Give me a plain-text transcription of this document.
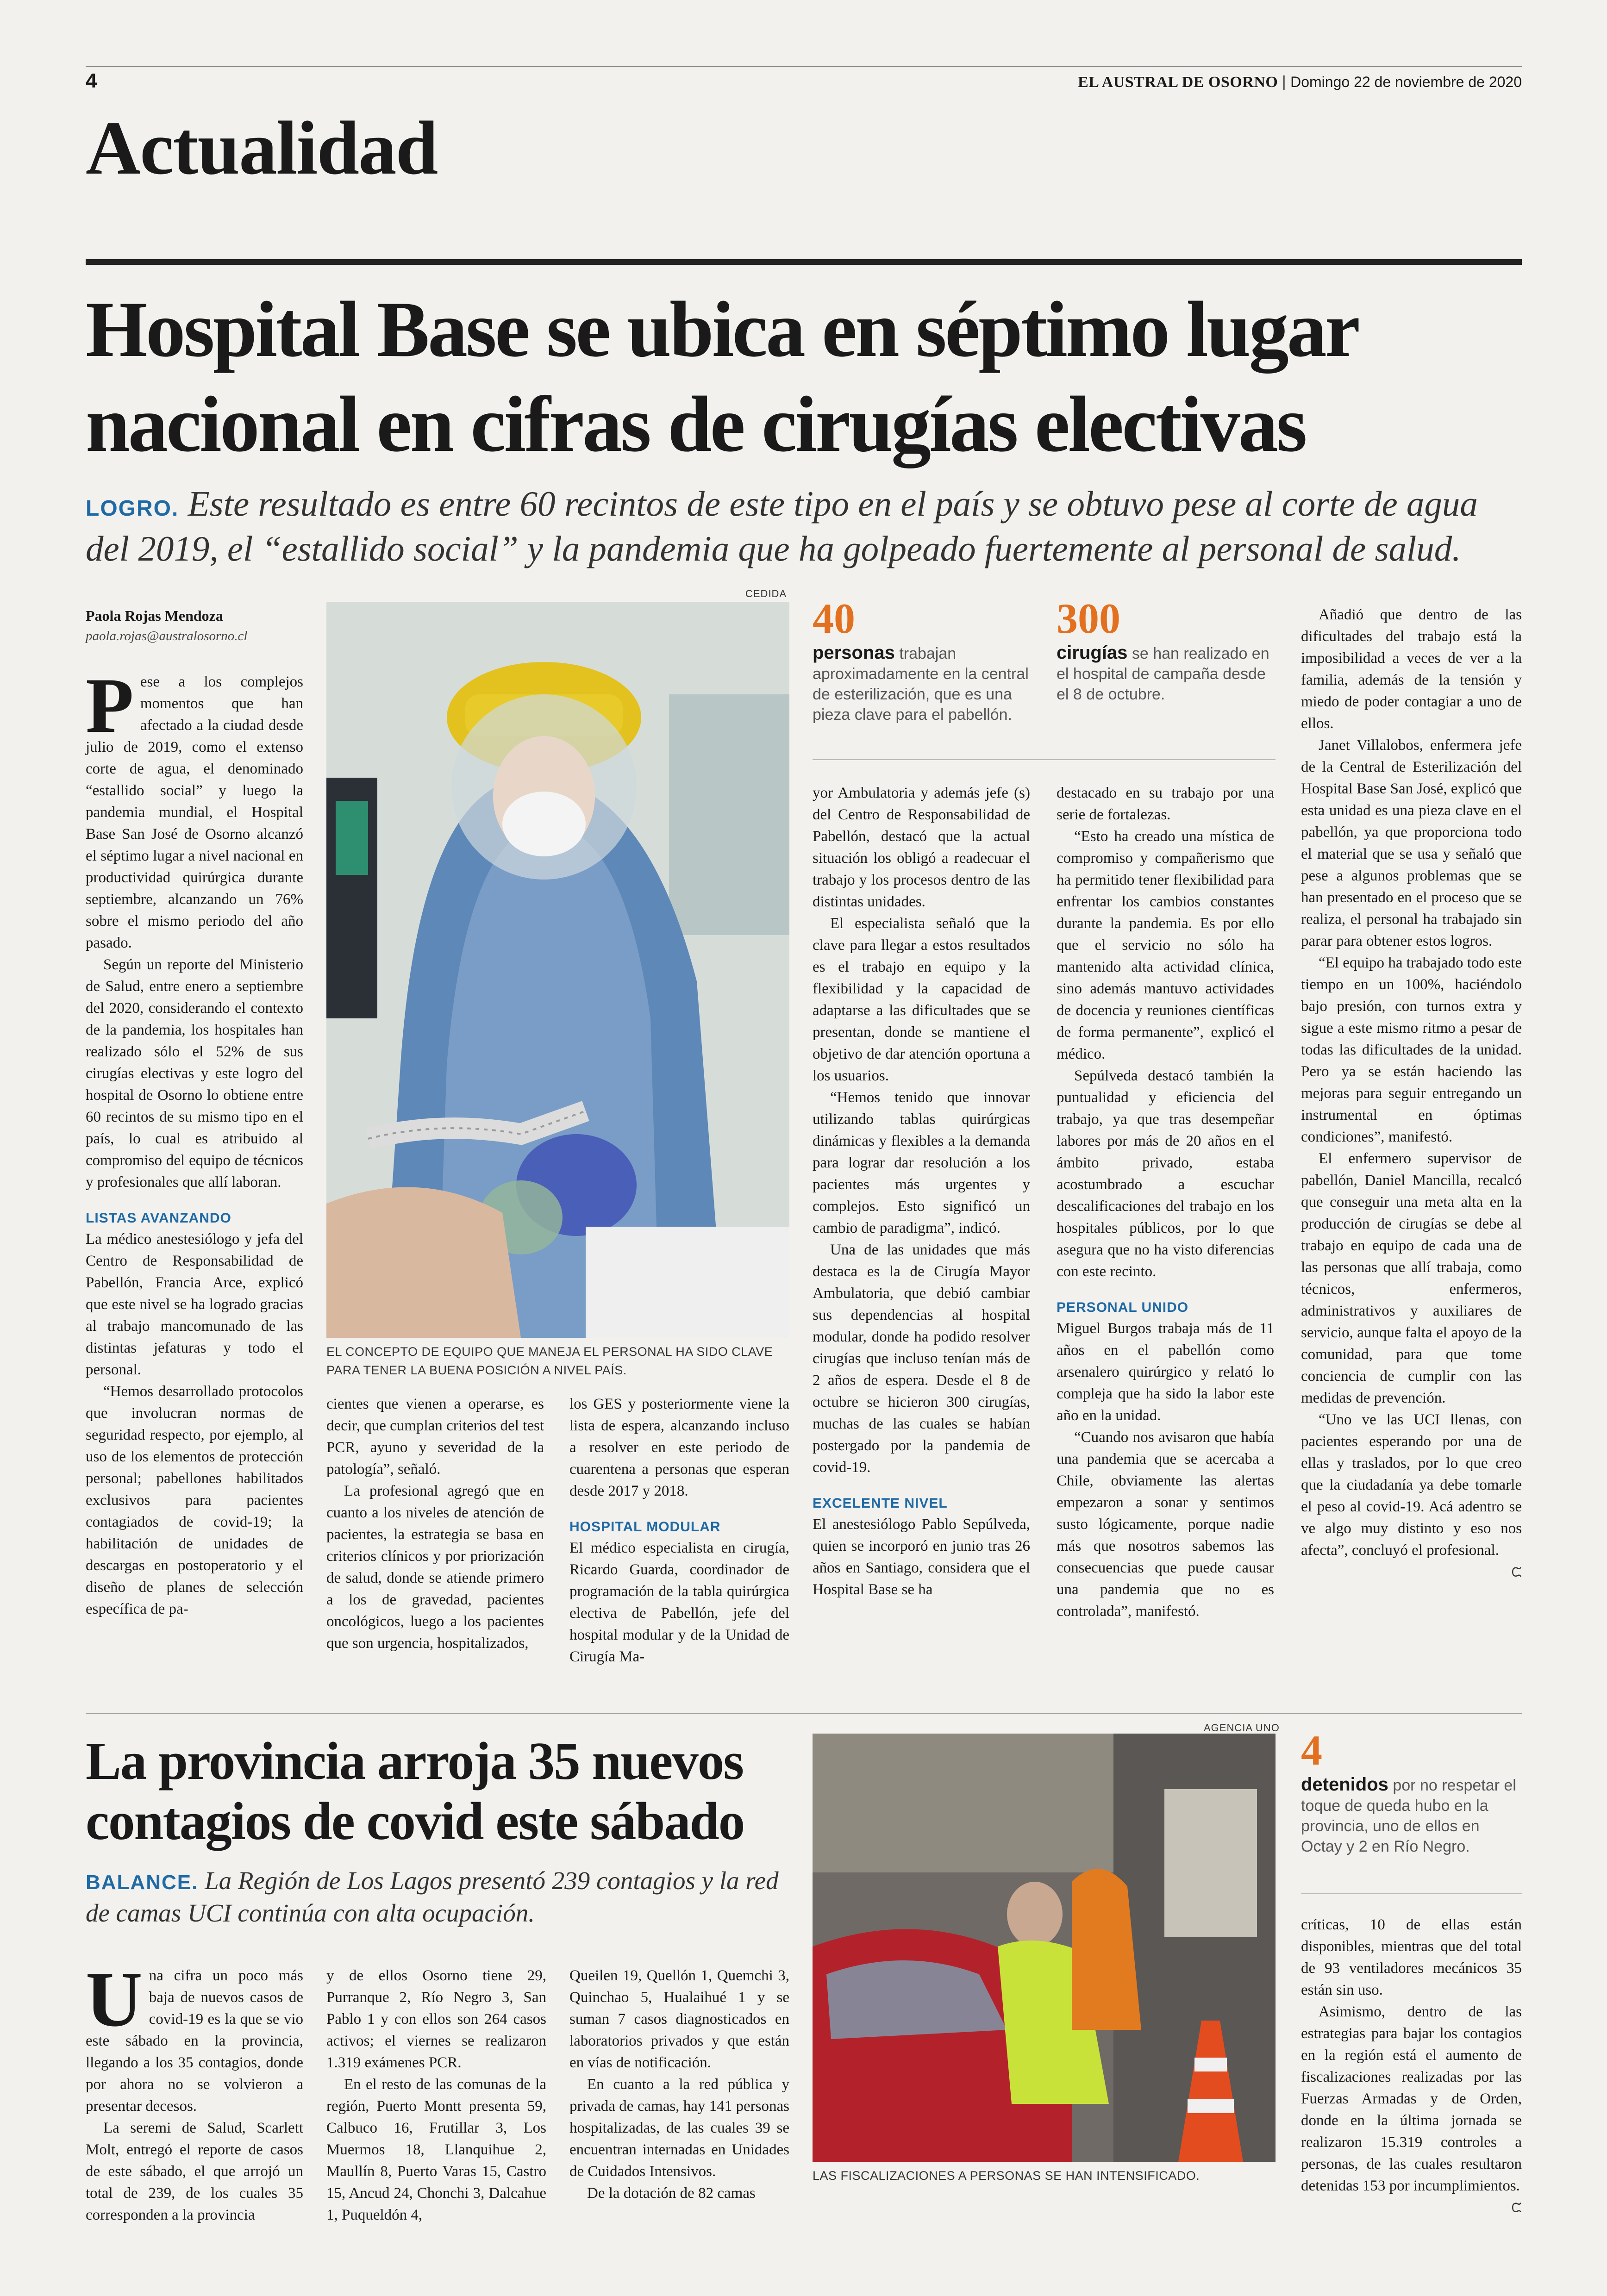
4	EL AUSTRAL DE OSORNO | Domingo 22 de noviembre de 2020
Actualidad
Hospital Base se ubica en séptimo lugar nacional en cifras de cirugías electivas
LOGRO. Este resultado es entre 60 recintos de este tipo en el país y se obtuvo pese al corte de agua del 2019, el “estallido social” y la pandemia que ha golpeado fuertemente al personal de salud.
Paola Rojas Mendoza
paola.rojas@australosorno.cl
P ese a los complejos momentos que han afectado a la ciudad desde julio de 2019, como el extenso corte de agua, el denominado “estallido social” y luego la pandemia mundial, el Hospital Base San José de Osorno alcanzó el séptimo lugar a nivel nacional en productividad quirúrgica durante septiembre, alcanzando un 76% sobre el mismo periodo del año pasado.

Según un reporte del Ministerio de Salud, entre enero a septiembre del 2020, considerando el contexto de la pandemia, los hospitales han realizado sólo el 52% de sus cirugías electivas y este logro del hospital de Osorno lo obtiene entre 60 recintos de su mismo tipo en el país, lo cual es atribuido al compromiso del equipo de técnicos y profesionales que allí laboran.

LISTAS AVANZANDO

La médico anestesiólogo y jefa del Centro de Responsabilidad de Pabellón, Francia Arce, explicó que este nivel se ha logrado gracias al trabajo mancomunado de las distintas jefaturas y todo el personal.

“Hemos desarrollado protocolos que involucran normas de seguridad respecto, por ejemplo, al uso de los elementos de protección personal; pabellones habilitados exclusivos para pacientes contagiados de covid-19; la habilitación de unidades de descargas en postoperatorio y el diseño de planes de selección específica de pa-

CEDIDA
EL CONCEPTO DE EQUIPO QUE MANEJA EL PERSONAL HA SIDO CLAVE PARA TENER LA BUENA POSICIÓN A NIVEL PAÍS.

cientes que vienen a operarse, es decir, que cumplan criterios del test PCR, ayuno y severidad de la patología”, señaló.

La profesional agregó que en cuanto a los niveles de atención de pacientes, la estrategia se basa en criterios clínicos y por priorización de salud, donde se atiende primero a los de gravedad, pacientes oncológicos, luego a los pacientes que son urgencia, hospitalizados,

los GES y posteriormente viene la lista de espera, alcanzando incluso a resolver en este periodo de cuarentena a personas que esperan desde 2017 y 2018.

HOSPITAL MODULAR

El médico especialista en cirugía, Ricardo Guarda, coordinador de programación de la tabla quirúrgica electiva de Pabellón, jefe del hospital modular y de la Unidad de Cirugía Ma-

40
personas trabajan aproximadamente en la central de esterilización, que es una pieza clave para el pabellón.
300
cirugías se han realizado en el hospital de campaña desde el 8 de octubre.

yor Ambulatoria y además jefe (s) del Centro de Responsabilidad de Pabellón, destacó que la actual situación los obligó a readecuar el trabajo y los procesos dentro de las distintas unidades.

El especialista señaló que la clave para llegar a estos resultados es el trabajo en equipo y la flexibilidad y la capacidad de adaptarse a las dificultades que se presentan, donde se mantiene el objetivo de dar atención oportuna a los usuarios.

“Hemos tenido que innovar utilizando tablas quirúrgicas dinámicas y flexibles a la demanda para lograr dar resolución a los pacientes más urgentes y complejos. Esto significó un cambio de paradigma”, indicó.

Una de las unidades que más destaca es la de Cirugía Mayor Ambulatoria, que debió cambiar sus dependencias al hospital modular, donde ha podido resolver cirugías que incluso tenían más de 2 años de espera. Desde el 8 de octubre se hicieron 300 cirugías, muchas de las cuales se habían postergado por la pandemia de covid-19.

EXCELENTE NIVEL

El anestesiólogo Pablo Sepúlveda, quien se incorporó en junio tras 26 años en Santiago, considera que el Hospital Base se ha

destacado en su trabajo por una serie de fortalezas.

“Esto ha creado una mística de compromiso y compañerismo que ha permitido tener flexibilidad para enfrentar los cambios constantes durante la pandemia. Es por ello que el servicio no sólo ha mantenido alta actividad clínica, sino además mantuvo actividades de docencia y reuniones científicas de forma permanente”, explicó el médico.

Sepúlveda destacó también la puntualidad y eficiencia del trabajo, ya que tras desempeñar labores por más de 20 años en el ámbito privado, estaba acostumbrado a escuchar descalificaciones del trabajo en los hospitales públicos, por lo que asegura que no ha visto diferencias con este recinto.

PERSONAL UNIDO

Miguel Burgos trabaja más de 11 años en el pabellón como arsenalero quirúrgico y relató lo compleja que ha sido la labor este año en la unidad.

“Cuando nos avisaron que había una pandemia que se acercaba a Chile, obviamente las alertas empezaron a sonar y sentimos susto lógicamente, porque nadie más que nosotros sabemos las consecuencias que puede causar una pandemia que no es controlada”, manifestó.

Añadió que dentro de las dificultades del trabajo está la imposibilidad a veces de ver a la familia, además de la tensión y miedo de poder contagiar a uno de ellos.

Janet Villalobos, enfermera jefe de la Central de Esterilización del Hospital Base San José, explicó que esta unidad es una pieza clave en el pabellón, ya que proporciona todo el material que se usa y señaló que pese a algunos problemas que se han presentado en el proceso que se realiza, el personal ha trabajado sin parar para obtener estos logros.

“El equipo ha trabajado todo este tiempo en un 100%, haciéndolo bajo presión, con turnos extra y sigue a este mismo ritmo a pesar de todas las dificultades de la unidad. Pero ya se están haciendo las mejoras para seguir entregando un instrumental en óptimas condiciones”, manifestó.

El enfermero supervisor de pabellón, Daniel Mancilla, recalcó que conseguir una meta alta en la producción de cirugías se debe al trabajo en equipo de cada una de las personas que allí trabaja, como técnicos, enfermeros, administrativos y auxiliares de servicio, aunque falta el apoyo de la comunidad, para que tome conciencia de cumplir con las medidas de prevención.

“Uno ve las UCI llenas, con pacientes esperando por una de ellas y traslados, por lo que creo que la ciudadanía ya debe tomarle el peso al covid-19. Acá adentro se ve algo muy distinto y eso nos afecta”, concluyó el profesional.

ᙅ
La provincia arroja 35 nuevos contagios de covid este sábado
BALANCE. La Región de Los Lagos presentó 239 contagios y la red de camas UCI continúa con alta ocupación.
U na cifra un poco más baja de nuevos casos de covid-19 es la que se vio este sábado en la provincia, llegando a los 35 contagios, donde por ahora no se volvieron a presentar decesos.

La seremi de Salud, Scarlett Molt, entregó el reporte de casos de este sábado, el que arrojó un total de 239, de los cuales 35 corresponden a la provincia

y de ellos Osorno tiene 29, Purranque 2, Río Negro 3, San Pablo 1 y con ellos son 264 casos activos; el viernes se realizaron 1.319 exámenes PCR.

En el resto de las comunas de la región, Puerto Montt presenta 59, Calbuco 16, Frutillar 3, Los Muermos 18, Llanquihue 2, Maullín 8, Puerto Varas 15, Castro 15, Ancud 24, Chonchi 3, Dalcahue 1, Puqueldón 4,

Queilen 19, Quellón 1, Quemchi 3, Quinchao 5, Hualaihué 1 y se suman 7 casos diagnosticados en laboratorios privados y que están en vías de notificación.

En cuanto a la red pública y privada de camas, hay 141 personas hospitalizadas, de las cuales 39 se encuentran internadas en Unidades de Cuidados Intensivos.

De la dotación de 82 camas

AGENCIA UNO
LAS FISCALIZACIONES A PERSONAS SE HAN INTENSIFICADO.
4
detenidos por no respetar el toque de queda hubo en la provincia, uno de ellos en Octay y 2 en Río Negro.

críticas, 10 de ellas están disponibles, mientras que del total de 93 ventiladores mecánicos 35 están sin uso.

Asimismo, dentro de las estrategias para bajar los contagios en la región está el aumento de fiscalizaciones realizadas por las Fuerzas Armadas y de Orden, donde en la última jornada se realizaron 15.319 controles a personas, de las cuales resultaron detenidas 153 por incumplimientos.

ᙅ
